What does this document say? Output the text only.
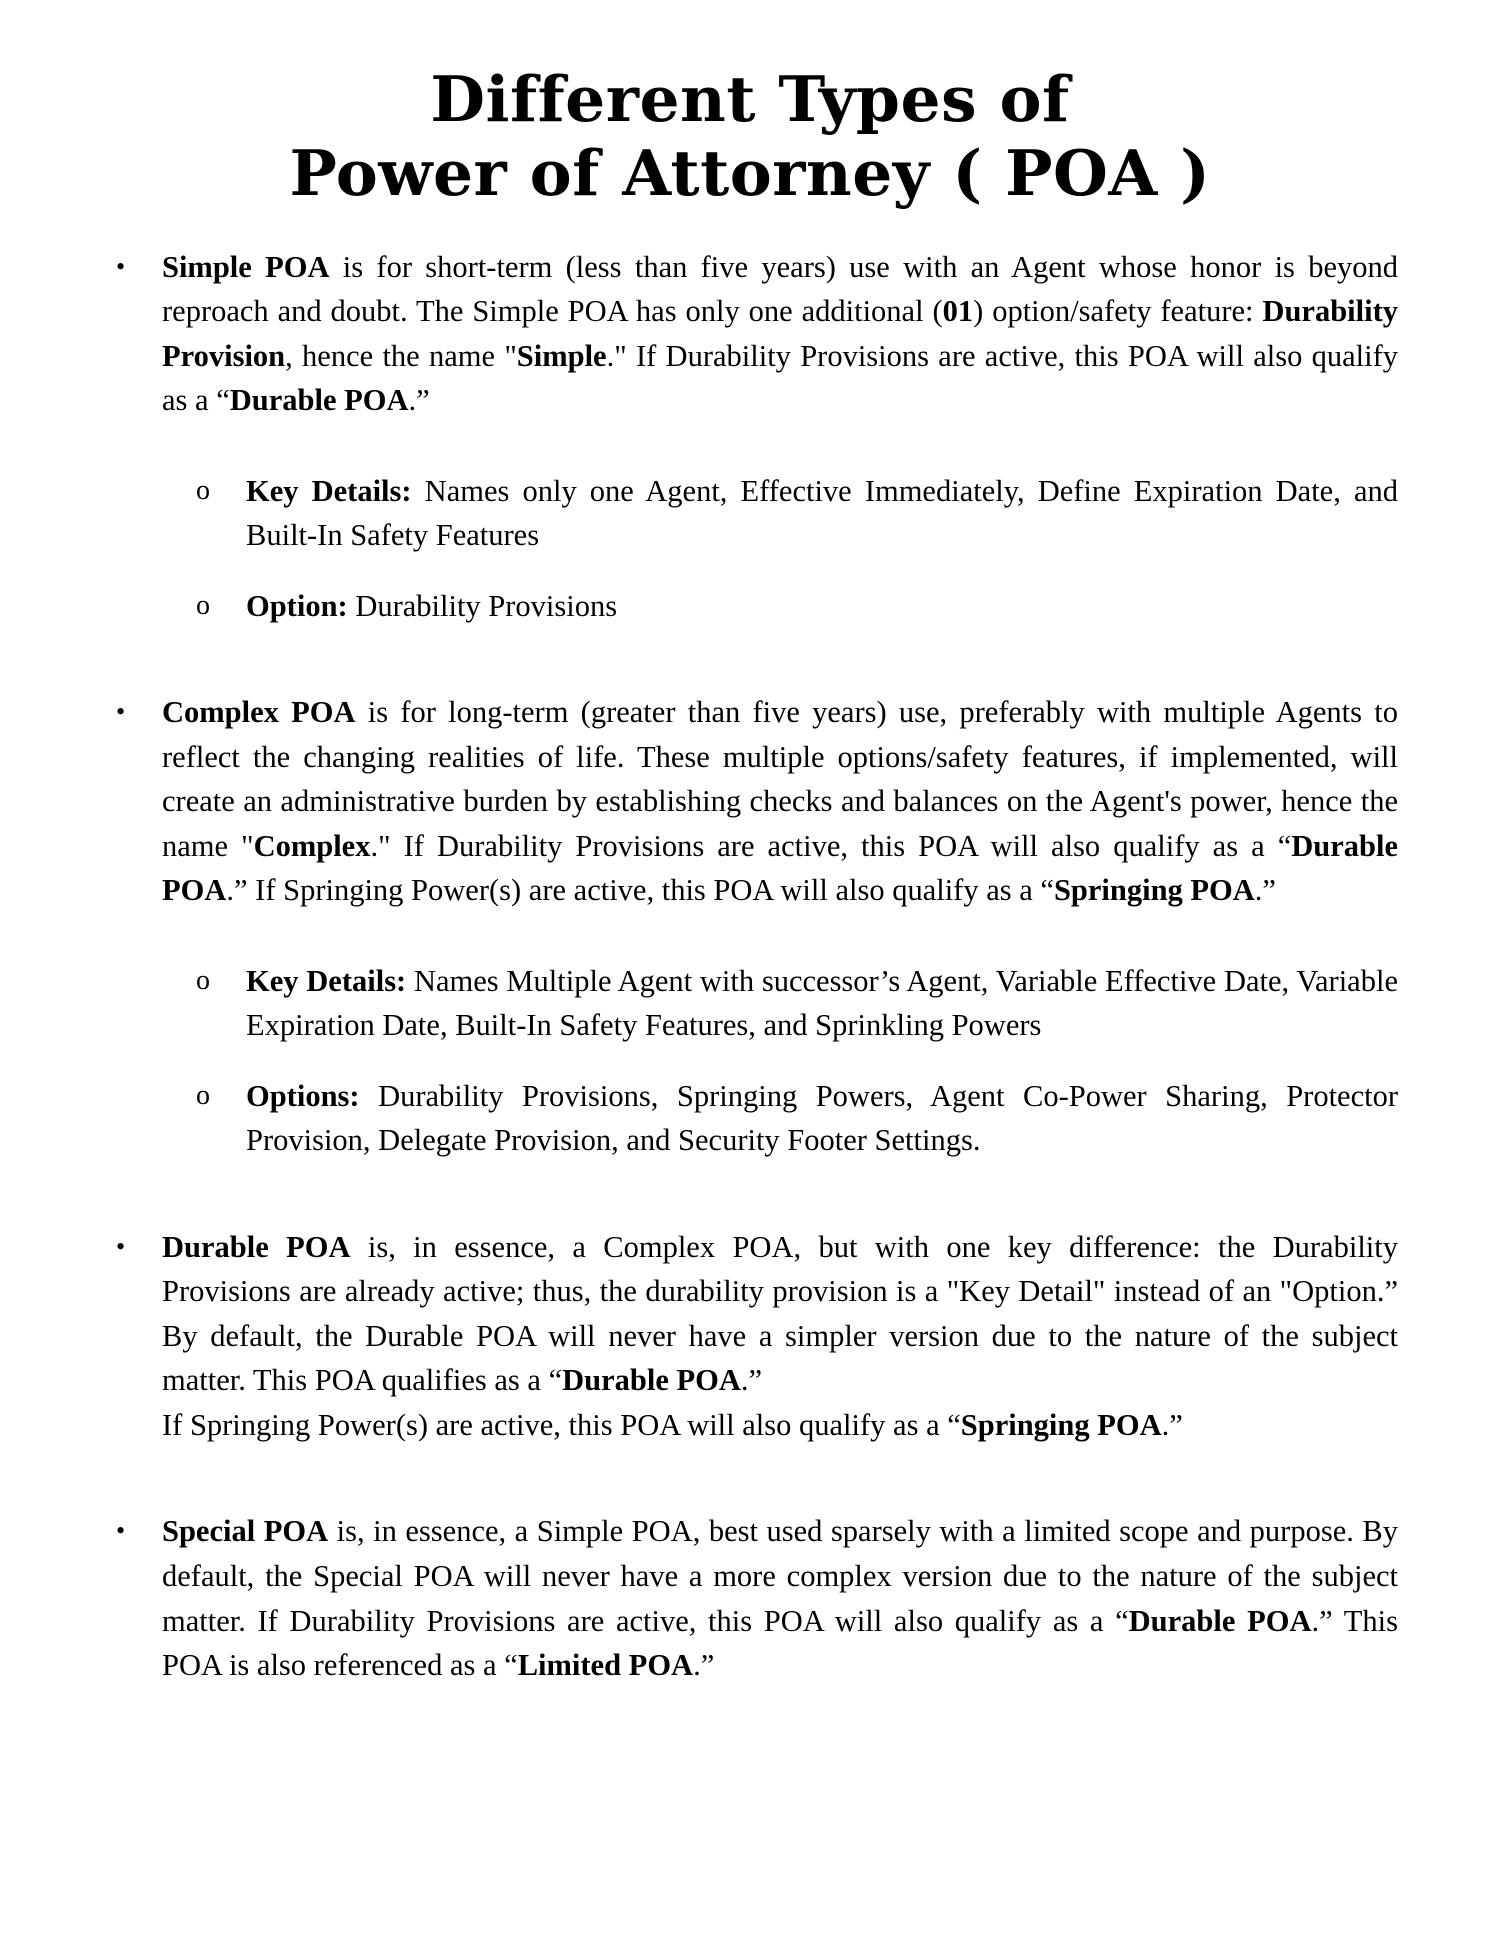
Different Types of
Power of Attorney ( POA )
•	Simple POA is for short-term (less than five years) use with an Agent whose honor is beyond reproach and doubt. The Simple POA has only one additional (01) option/safety feature: Durability Provision, hence the name "Simple." If Durability Provisions are active, this POA will also qualify as a “Durable POA.”
o	Key Details: Names only one Agent, Effective Immediately, Define Expiration Date, and Built-In Safety Features
o	Option: Durability Provisions
•	Complex POA is for long-term (greater than five years) use, preferably with multiple Agents to reflect the changing realities of life. These multiple options/safety features, if implemented, will create an administrative burden by establishing checks and balances on the Agent's power, hence the name "Complex." If Durability Provisions are active, this POA will also qualify as a “Durable POA.” If Springing Power(s) are active, this POA will also qualify as a “Springing POA.”
o	Key Details: Names Multiple Agent with successor’s Agent, Variable Effective Date, Variable Expiration Date, Built-In Safety Features, and Sprinkling Powers
o	Options: Durability Provisions, Springing Powers, Agent Co-Power Sharing, Protector Provision, Delegate Provision, and Security Footer Settings.
•	Durable POA is, in essence, a Complex POA, but with one key difference: the Durability Provisions are already active; thus, the durability provision is a "Key Detail" instead of an "Option.” By default, the Durable POA will never have a simpler version due to the nature of the subject matter. This POA qualifies as a “Durable POA.”
If Springing Power(s) are active, this POA will also qualify as a “Springing POA.”
•	Special POA is, in essence, a Simple POA, best used sparsely with a limited scope and purpose. By default, the Special POA will never have a more complex version due to the nature of the subject matter. If Durability Provisions are active, this POA will also qualify as a “Durable POA.” This POA is also referenced as a “Limited POA.”
